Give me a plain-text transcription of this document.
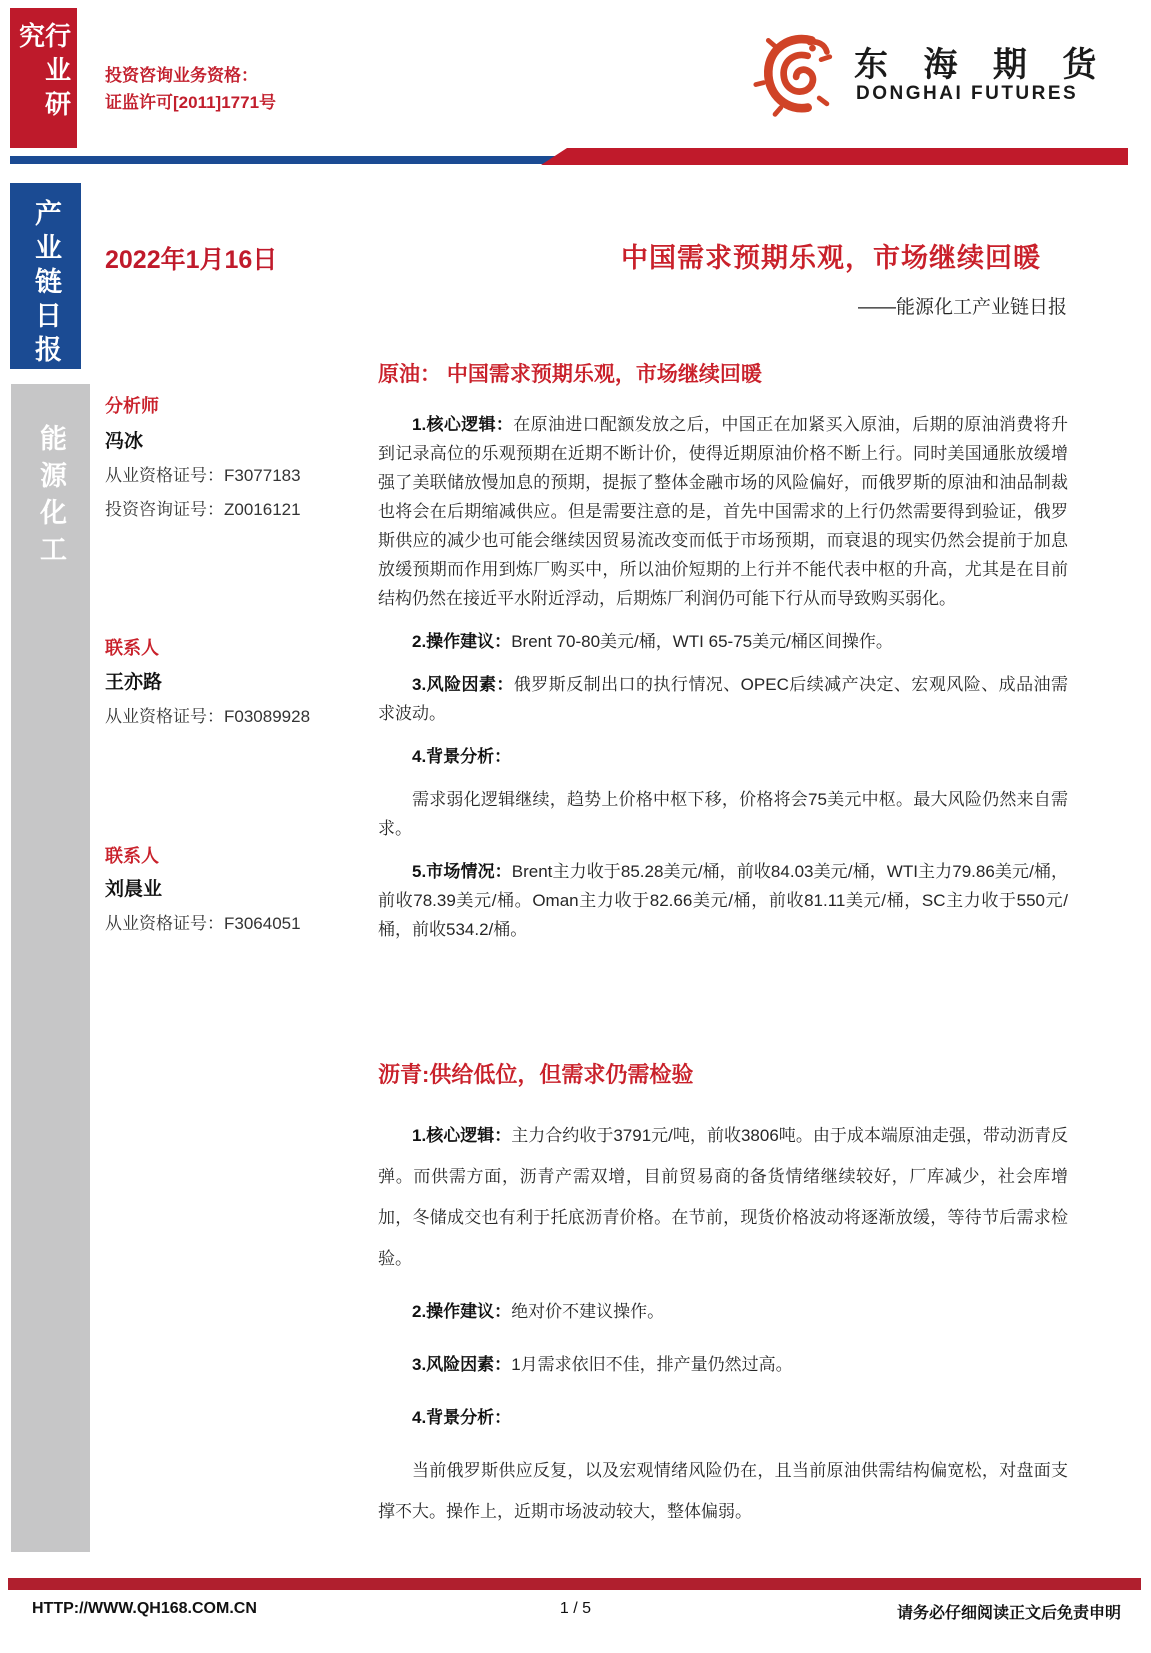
行业研究
产业链日报
能源化工
投资咨询业务资格：
证监许可[2011]1771号
东 海 期 货
DONGHAI FUTURES
2022年1月16日	中国需求预期乐观，市场继续回暖
——能源化工产业链日报
分析师
冯冰
从业资格证号：F3077183
投资咨询证号：Z0016121
联系人
王亦路
从业资格证号：F03089928
联系人
刘晨业
从业资格证号：F3064051
原油： 中国需求预期乐观，市场继续回暖

1.核心逻辑：在原油进口配额发放之后，中国正在加紧买入原油，后期的原油消费将升到记录高位的乐观预期在近期不断计价，使得近期原油价格不断上行。同时美国通胀放缓增强了美联储放慢加息的预期，提振了整体金融市场的风险偏好，而俄罗斯的原油和油品制裁也将会在后期缩减供应。但是需要注意的是，首先中国需求的上行仍然需要得到验证，俄罗斯供应的减少也可能会继续因贸易流改变而低于市场预期，而衰退的现实仍然会提前于加息放缓预期而作用到炼厂购买中，所以油价短期的上行并不能代表中枢的升高，尤其是在目前结构仍然在接近平水附近浮动，后期炼厂利润仍可能下行从而导致购买弱化。

2.操作建议：Brent 70-80美元/桶，WTI 65-75美元/桶区间操作。

3.风险因素：俄罗斯反制出口的执行情况、OPEC后续减产决定、宏观风险、成品油需求波动。

4.背景分析：

需求弱化逻辑继续，趋势上价格中枢下移，价格将会75美元中枢。最大风险仍然来自需求。

5.市场情况：Brent主力收于85.28美元/桶，前收84.03美元/桶，WTI主力79.86美元/桶，前收78.39美元/桶。Oman主力收于82.66美元/桶，前收81.11美元/桶，SC主力收于550元/桶，前收534.2/桶。

沥青:供给低位，但需求仍需检验

1.核心逻辑：主力合约收于3791元/吨，前收3806吨。由于成本端原油走强，带动沥青反弹。而供需方面，沥青产需双增，目前贸易商的备货情绪继续较好，厂库减少，社会库增加，冬储成交也有利于托底沥青价格。在节前，现货价格波动将逐渐放缓，等待节后需求检验。

2.操作建议：绝对价不建议操作。

3.风险因素：1月需求依旧不佳，排产量仍然过高。

4.背景分析：

当前俄罗斯供应反复，以及宏观情绪风险仍在，且当前原油供需结构偏宽松，对盘面支撑不大。操作上，近期市场波动较大，整体偏弱。

HTTP://WWW.QH168.COM.CN	1 / 5	请务必仔细阅读正文后免责申明
